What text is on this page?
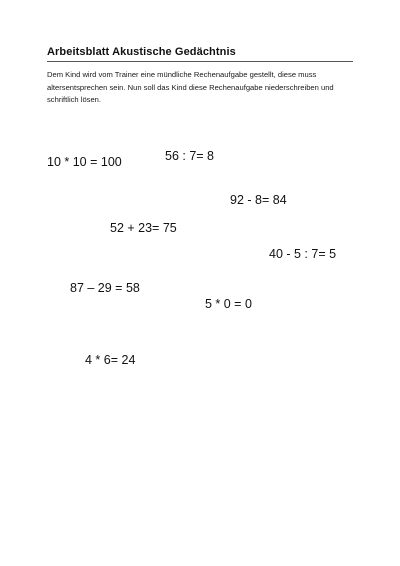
Arbeitsblatt Akustische Gedächtnis
Dem Kind wird vom Trainer eine mündliche Rechenaufgabe gestellt, diese muss altersentsprechen sein. Nun soll das Kind diese Rechenaufgabe niederschreiben und schriftlich lösen.
10 * 10 = 100	56 : 7= 8
92 - 8= 84
52 + 23= 75
40 - 5 : 7= 5
87 – 29 = 58
5 * 0 = 0
4 * 6= 24
